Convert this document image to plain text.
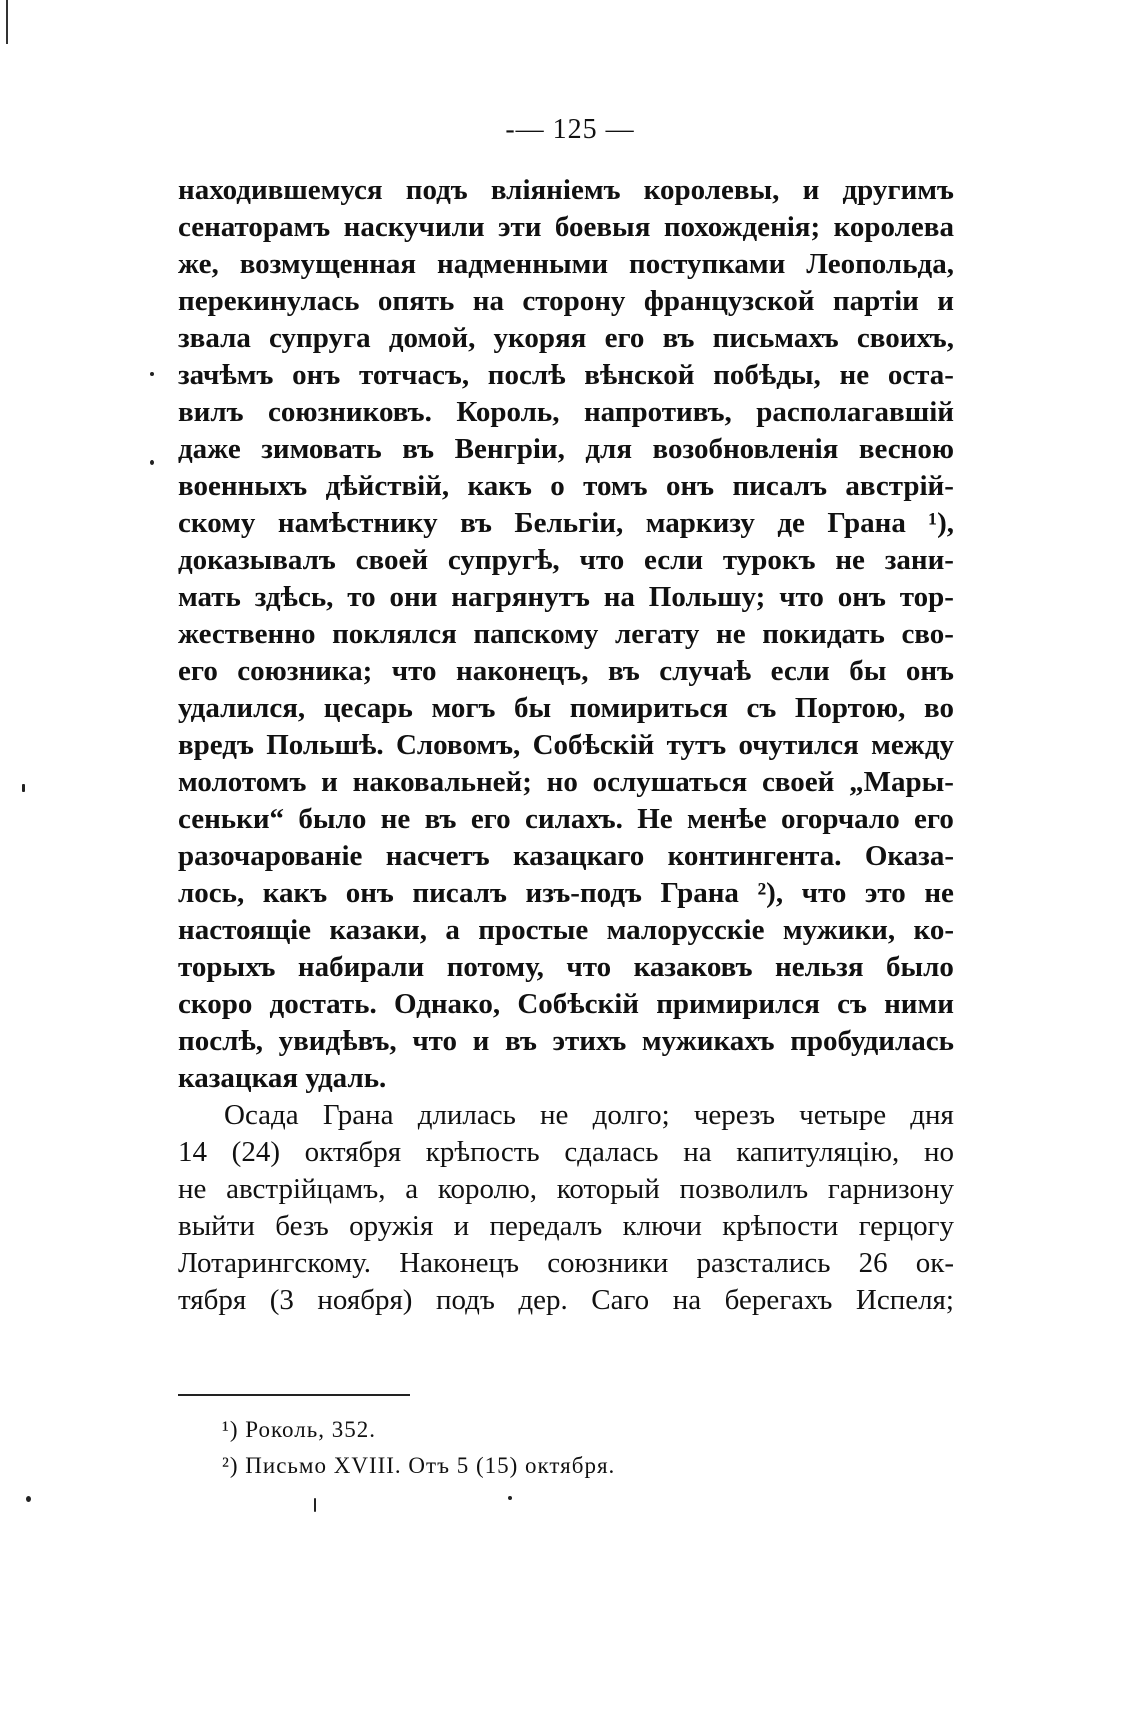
-— 125 —
находившемуся подъ вліяніемъ королевы, и другимъ
сенаторамъ наскучили эти боевыя похожденія; королева
же, возмущенная надменными поступками Леопольда,
перекинулась опять на сторону французской партіи и
звала супруга домой, укоряя его въ письмахъ своихъ,
зачѣмъ онъ тотчасъ, послѣ вѣнской побѣды, не оста-
вилъ союзниковъ. Король, напротивъ, располагавшій
даже зимовать въ Венгріи, для возобновленія весною
военныхъ дѣйствій, какъ о томъ онъ писалъ австрій-
скому намѣстнику въ Бельгіи, маркизу де Грана ¹),
доказывалъ своей супругѣ, что если турокъ не зани-
мать здѣсь, то они нагрянутъ на Польшу; что онъ тор-
жественно поклялся папскому легату не покидать сво-
его союзника; что наконецъ, въ случаѣ если бы онъ
удалился, цесарь могъ бы помириться съ Портою, во
вредъ Польшѣ. Словомъ, Собѣскій тутъ очутился между
молотомъ и наковальней; но ослушаться своей „Мары-
сеньки“ было не въ его силахъ. Не менѣе огорчало его
разочарованіе насчетъ казацкаго контингента. Оказа-
лось, какъ онъ писалъ изъ-подъ Грана ²), что это не
настоящіе казаки, а простые малорусскіе мужики, ко-
торыхъ набирали потому, что казаковъ нельзя было
скоро достать. Однако, Собѣскій примирился съ ними
послѣ, увидѣвъ, что и въ этихъ мужикахъ пробудилась
казацкая
удаль.
Осада Грана длилась не долго; черезъ четыре дня
14 (24) октября крѣпость сдалась на капитуляцію, но
не австрійцамъ, а королю, который позволилъ гарнизону
выйти безъ оружія и передалъ ключи крѣпости герцогу
Лотарингскому. Наконецъ союзники разстались 26 ок-
тября (3 ноября) подъ дер. Саго на берегахъ Испеля;
¹) Роколь, 352.
²) Письмо XVIII. Отъ 5 (15) октября.
